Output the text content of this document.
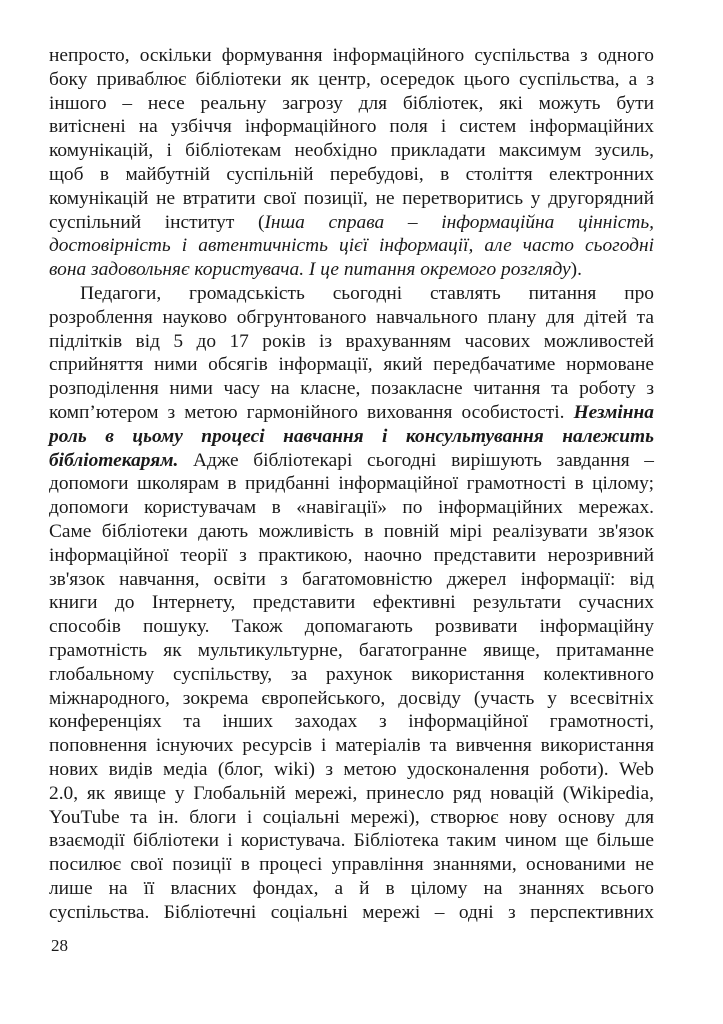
непросто, оскільки формування інформаційного суспільства з одного
боку приваблює бібліотеки як центр, осередок цього суспільства, а з
іншого – несе реальну загрозу для бібліотек, які можуть бути
витіснені на узбіччя інформаційного поля і систем інформаційних
комунікацій, і бібліотекам необхідно прикладати максимум зусиль,
щоб в майбутній суспільній перебудові, в століття електронних
комунікацій не втратити свої позиції, не перетворитись у другорядний
суспільний інститут (Інша справа – інформаційна цінність,
достовірність і автентичність цієї інформації, але часто сьогодні
вона задовольняє користувача. І це питання окремого розгляду).
Педагоги, громадськість сьогодні ставлять питання про
розроблення науково обгрунтованого навчального плану для дітей та
підлітків від 5 до 17 років із врахуванням часових можливостей
сприйняття ними обсягів інформації, який передбачатиме нормоване
розподілення ними часу на класне, позакласне читання та роботу з
комп’ютером з метою гармонійного виховання особистості. Незмінна
роль в цьому процесі навчання і консультування належить
бібліотекарям. Адже бібліотекарі сьогодні вирішують завдання –
допомоги школярам в придбанні інформаційної грамотності в цілому;
допомоги користувачам в «навігації» по інформаційних мережах.
Саме бібліотеки дають можливість в повній мірі реалізувати зв'язок
інформаційної теорії з практикою, наочно представити нерозривний
зв'язок навчання, освіти з багатомовністю джерел інформації: від
книги до Інтернету, представити ефективні результати сучасних
способів пошуку. Також допомагають розвивати інформаційну
грамотність як мультикультурне, багатогранне явище, притаманне
глобальному суспільству, за рахунок використання колективного
міжнародного, зокрема європейського, досвіду (участь у всесвітніх
конференціях та інших заходах з інформаційної грамотності,
поповнення існуючих ресурсів і матеріалів та вивчення використання
нових видів медіа (блог, wiki) з метою удосконалення роботи). Web
2.0, як явище у Глобальній мережі, принесло ряд новацій (Wikipedia,
YouTube та ін. блоги і соціальні мережі), створює нову основу для
взаємодії бібліотеки і користувача. Бібліотека таким чином ще більше
посилює свої позиції в процесі управління знаннями, основаними не
лише на її власних фондах, а й в цілому на знаннях всього
суспільства. Бібліотечні соціальні мережі – одні з перспективних
28
